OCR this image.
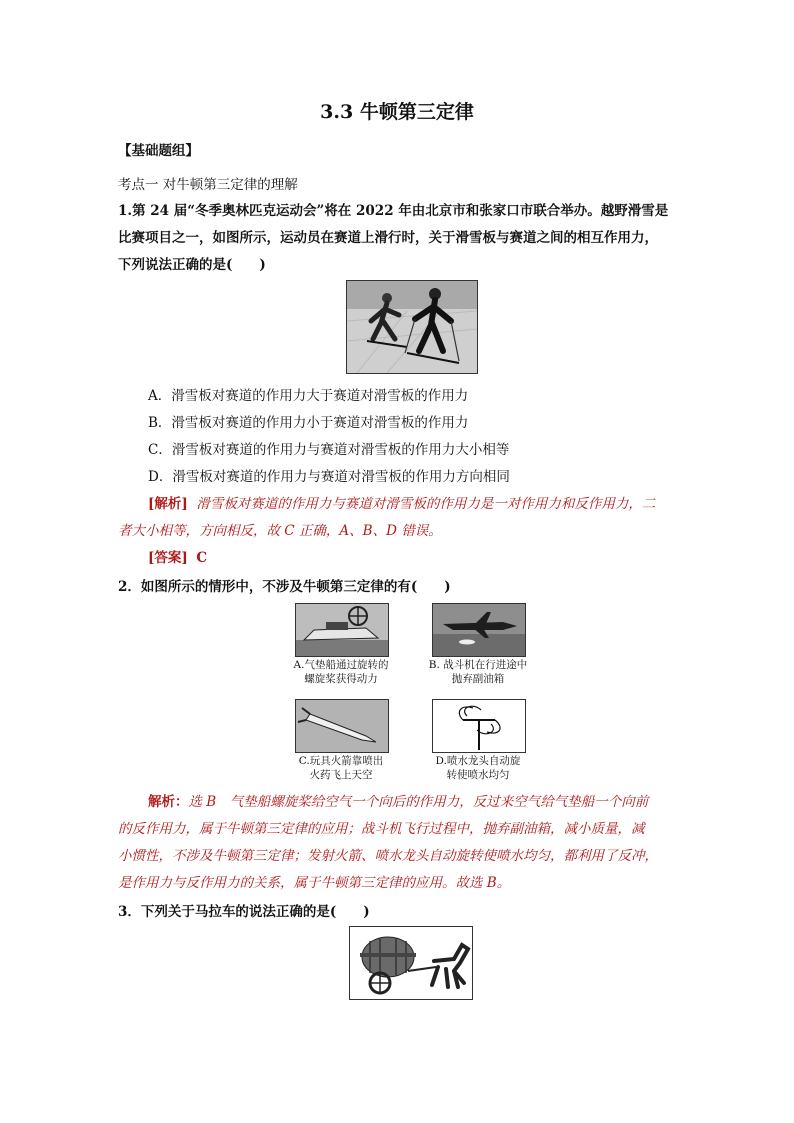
3.3 牛顿第三定律
【基础题组】
考点一 对牛顿第三定律的理解
1.第 24 届“冬季奥林匹克运动会”将在 2022 年由北京市和张家口市联合举办。越野滑雪是
比赛项目之一，如图所示，运动员在赛道上滑行时，关于滑雪板与赛道之间的相互作用力，
下列说法正确的是(　　)
A．滑雪板对赛道的作用力大于赛道对滑雪板的作用力
B．滑雪板对赛道的作用力小于赛道对滑雪板的作用力
C．滑雪板对赛道的作用力与赛道对滑雪板的作用力大小相等
D．滑雪板对赛道的作用力与赛道对滑雪板的作用力方向相同
[解析] 滑雪板对赛道的作用力与赛道对滑雪板的作用力是一对作用力和反作用力，二
者大小相等，方向相反，故 C 正确，A、B、D 错误。
[答案] C
2．如图所示的情形中，不涉及牛顿第三定律的有(　　)
A.气垫船通过旋转的
螺旋桨获得动力
B. 战斗机在行进途中
抛弃副油箱
C.玩具火箭靠喷出
火药飞上天空
D.喷水龙头自动旋
转使喷水均匀
解析：选 B　气垫船螺旋桨给空气一个向后的作用力，反过来空气给气垫船一个向前
的反作用力，属于牛顿第三定律的应用；战斗机飞行过程中，抛弃副油箱，减小质量，减
小惯性，不涉及牛顿第三定律；发射火箭、喷水龙头自动旋转使喷水均匀，都利用了反冲，
是作用力与反作用力的关系，属于牛顿第三定律的应用。故选 B。
3．下列关于马拉车的说法正确的是(　　)
